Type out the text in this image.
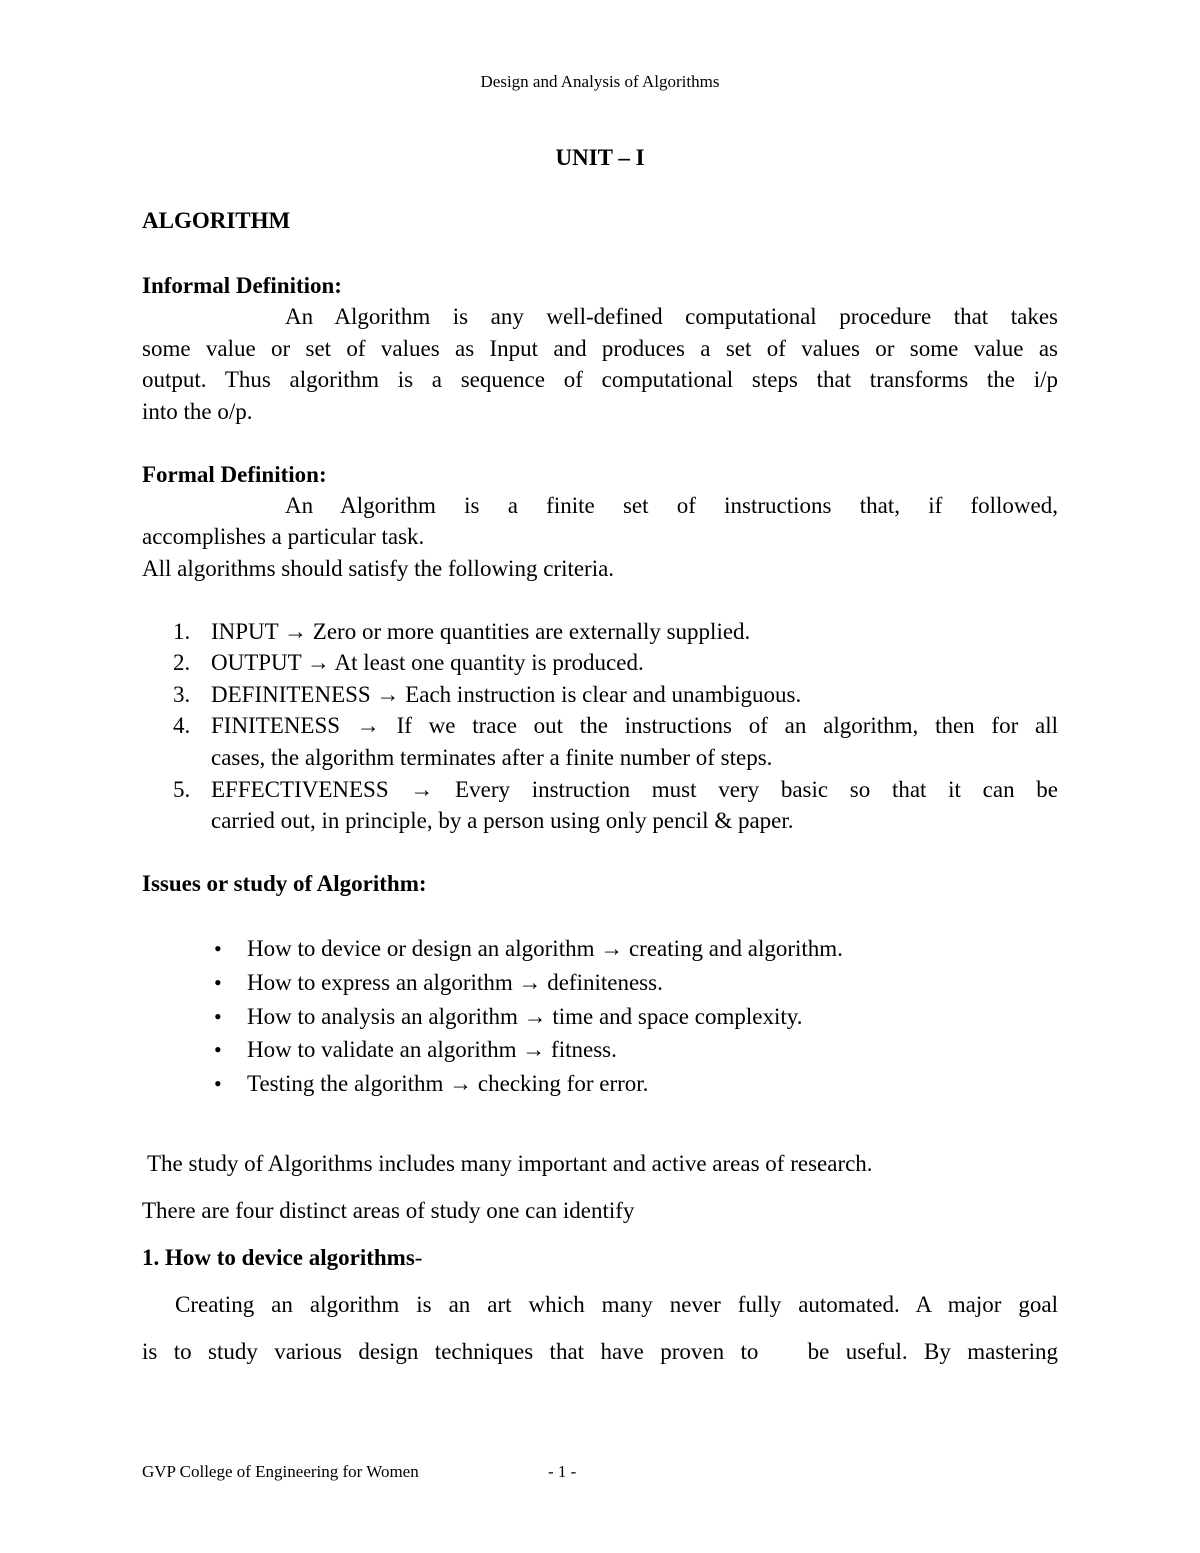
Design and Analysis of Algorithms
UNIT – I
ALGORITHM
Informal Definition:
An Algorithm is any well-defined computational procedure that takes
some value or set of values as Input and produces a set of values or some value as
output. Thus algorithm is a sequence of computational steps that transforms the i/p
into the o/p.
Formal Definition:
An Algorithm is a finite set of instructions that, if followed,
accomplishes a particular task.
All algorithms should satisfy the following criteria.
1. INPUT → Zero or more quantities are externally supplied.
2. OUTPUT → At least one quantity is produced.
3. DEFINITENESS → Each instruction is clear and unambiguous.
4. FINITENESS → If we trace out the instructions of an algorithm, then for all
cases, the algorithm terminates after a finite number of steps.
5. EFFECTIVENESS → Every instruction must very basic so that it can be
carried out, in principle, by a person using only pencil & paper.
Issues or study of Algorithm:
• How to device or design an algorithm → creating and algorithm.
• How to express an algorithm → definiteness.
• How to analysis an algorithm → time and space complexity.
• How to validate an algorithm → fitness.
• Testing the algorithm → checking for error.
The study of Algorithms includes many important and active areas of research.
There are four distinct areas of study one can identify
1. How to device algorithms-
Creating an algorithm is an art which many never fully automated. A major goal
is to study various design techniques that have proven to   be useful. By mastering
GVP College of Engineering for Women	- 1 -
